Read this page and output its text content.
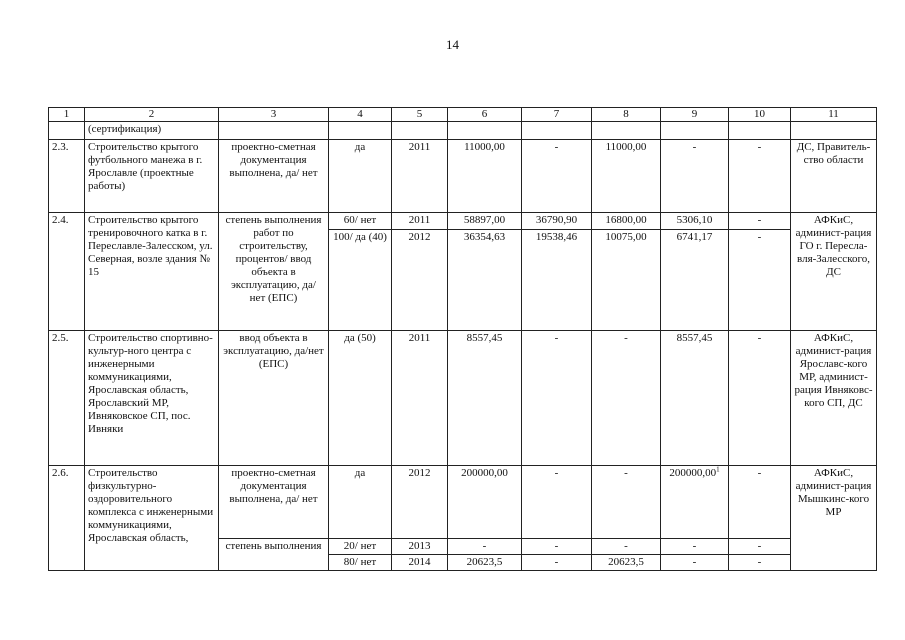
14
1	2	3	4	5	6	7	8	9	10	11
	(сертификация)									
2.3.	Строительство крытого футбольного манежа в г. Ярославле (проектные работы)	проектно-сметная документация выполнена, да/ нет	да	2011	11000,00	-	11000,00	-	-	ДС, Правитель-ство области
2.4.	Строительство крытого тренировочного катка в г. Переславле-Залесском, ул. Северная, возле здания № 15	степень выполнения работ по строительству, процентов/ ввод объекта в эксплуатацию, да/ нет (ЕПС)	60/ нет	2011	58897,00	36790,90	16800,00	5306,10	-	АФКиС, админист-рация ГО г. Пересла-вля-Залесского, ДС
			100/ да (40)	2012	36354,63	19538,46	10075,00	6741,17	-	
2.5.	Строительство спортивно-культур-ного центра с инженерными коммуникациями, Ярославская область, Ярославский МР, Ивняковское СП, пос. Ивняки	ввод объекта в эксплуатацию, да/нет (ЕПС)	да (50)	2011	8557,45	-	-	8557,45	-	АФКиС, админист-рация Ярославс-кого МР, админист-рация Ивняковс-кого СП, ДС
2.6.	Строительство физкультурно-оздоровительного комплекса с инженерными коммуникациями, Ярославская область,	проектно-сметная документация выполнена, да/ нет	да	2012	200000,00	-	-	200000,00$^1$	-	АФКиС, админист-рация Мышкинс-кого МР
		степень выполнения	20/ нет	2013	-	-	-	-	-	
			80/ нет	2014	20623,5	-	20623,5	-	-	
